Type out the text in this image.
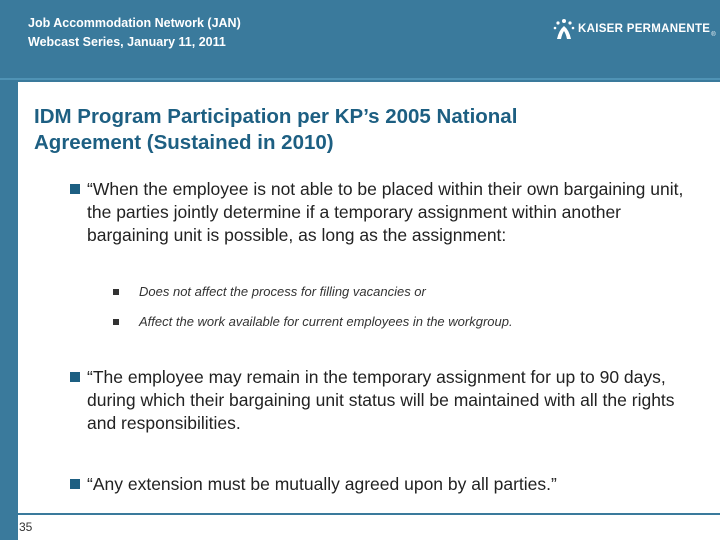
Job Accommodation Network (JAN)
Webcast Series, January 11, 2011
KAISER PERMANENTE ®
IDM Program Participation per KP’s 2005 National
Agreement (Sustained in 2010)
“When the employee is not able to be placed within their own bargaining unit, the parties jointly determine if a temporary assignment within another bargaining unit is possible, as long as the assignment:
Does not affect the process for filling vacancies or
Affect the work available for current employees in the workgroup.
“The employee may remain in the temporary assignment for up to 90 days, during which their bargaining unit status will be maintained with all the rights and responsibilities.
“Any extension must be mutually agreed upon by all parties.”
35
